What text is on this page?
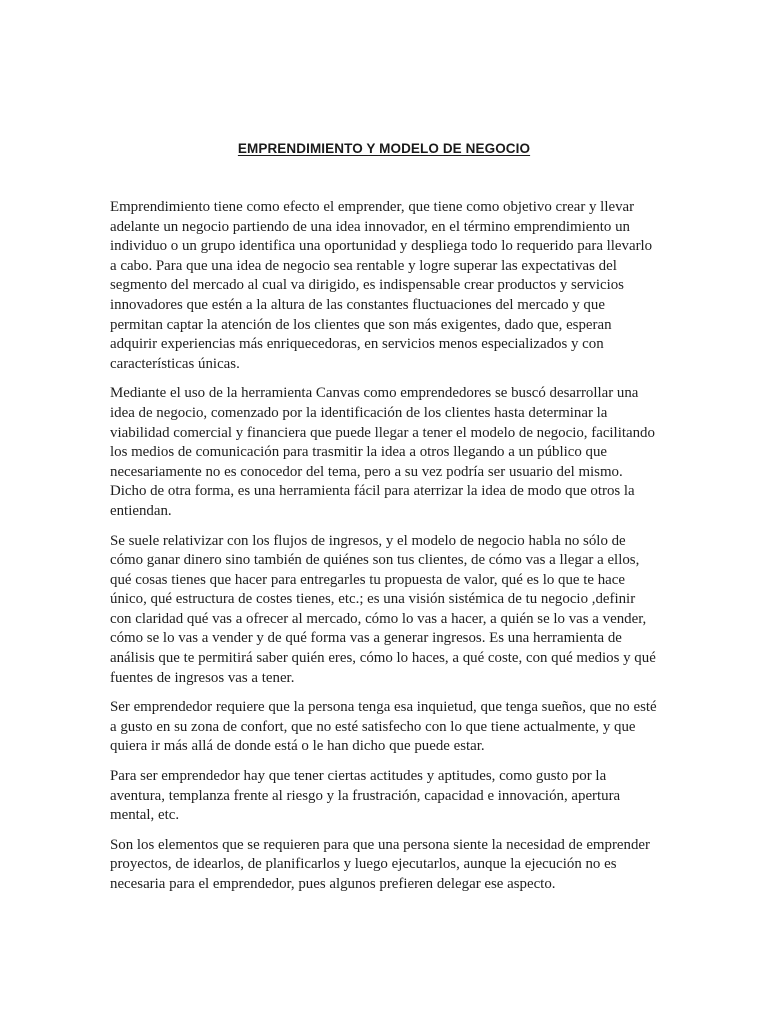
EMPRENDIMIENTO Y MODELO DE NEGOCIO

Emprendimiento tiene como efecto el emprender, que tiene como objetivo crear y llevar adelante un negocio partiendo de una idea innovador, en el término emprendimiento un individuo o un grupo identifica una oportunidad y despliega todo lo requerido para llevarlo a cabo. Para que una idea de negocio sea rentable y logre superar las expectativas del segmento del mercado al cual va dirigido, es indispensable crear productos y servicios innovadores que estén a la altura de las constantes fluctuaciones del mercado y que permitan captar la atención de los clientes que son más exigentes, dado que, esperan adquirir experiencias más enriquecedoras, en servicios menos especializados y con características únicas.

Mediante el uso de la herramienta Canvas como emprendedores se buscó desarrollar una idea de negocio, comenzado por la identificación de los clientes hasta determinar la viabilidad comercial y financiera que puede llegar a tener el modelo de negocio, facilitando los medios de comunicación para trasmitir la idea a otros llegando a un público que necesariamente no es conocedor del tema, pero a su vez podría ser usuario del mismo. Dicho de otra forma, es una herramienta fácil para aterrizar la idea de modo que otros la entiendan.

Se suele relativizar con los flujos de ingresos, y el modelo de negocio habla no sólo de cómo ganar dinero sino también de quiénes son tus clientes, de cómo vas a llegar a ellos, qué cosas tienes que hacer para entregarles tu propuesta de valor, qué es lo que te hace único, qué estructura de costes tienes, etc.; es una visión sistémica de tu negocio ,definir con claridad qué vas a ofrecer al mercado, cómo lo vas a hacer, a quién se lo vas a vender, cómo se lo vas a vender y de qué forma vas a generar ingresos. Es una herramienta de análisis que te permitirá saber quién eres, cómo lo haces, a qué coste, con qué medios y qué fuentes de ingresos vas a tener.

Ser emprendedor requiere que la persona tenga esa inquietud, que tenga sueños, que no esté a gusto en su zona de confort, que no esté satisfecho con lo que tiene actualmente, y que quiera ir más allá de donde está o le han dicho que puede estar.

Para ser emprendedor hay que tener ciertas actitudes y aptitudes, como gusto por la aventura, templanza frente al riesgo y la frustración, capacidad e innovación, apertura mental, etc.

Son los elementos que se requieren para que una persona siente la necesidad de emprender proyectos, de idearlos, de planificarlos y luego ejecutarlos, aunque la ejecución no es necesaria para el emprendedor, pues algunos prefieren delegar ese aspecto.
